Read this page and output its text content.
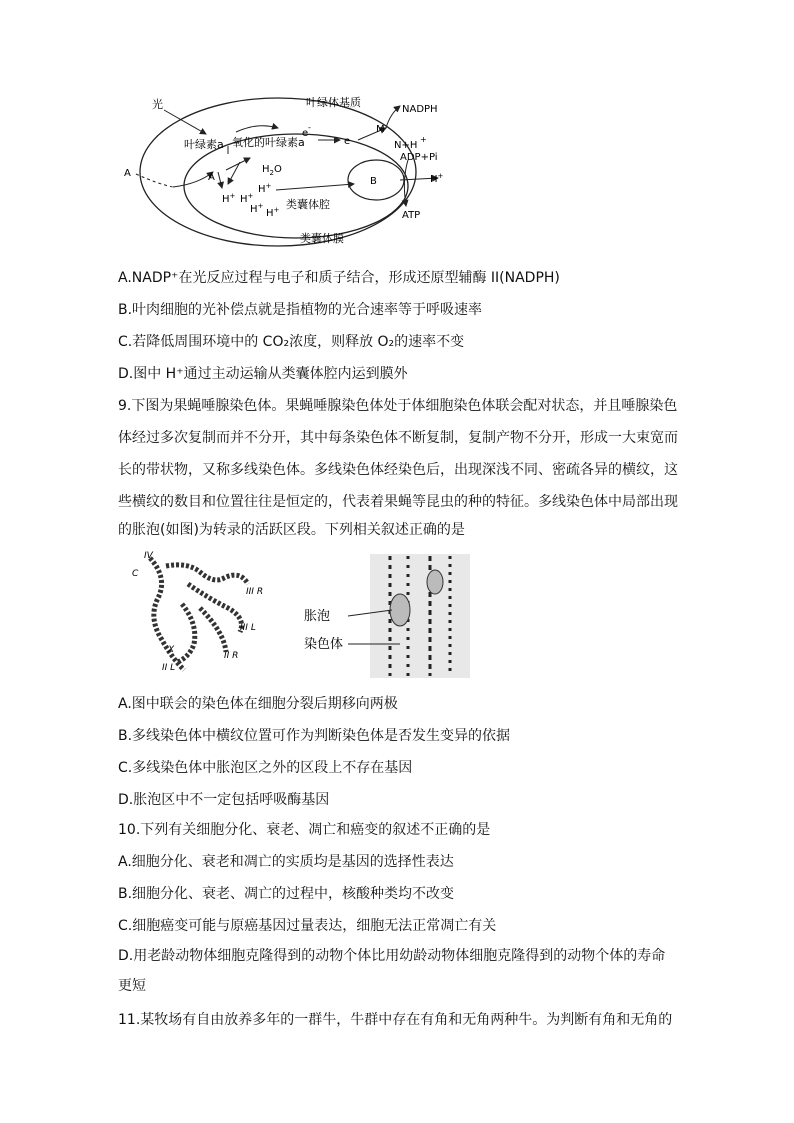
光	叶绿体基质
NADPH
M
e
-
叶绿素a 氧化的叶绿素a	e	N+H
+
ADP+Pi
A	A
$H_2O$
B	H+
H+ H+
H+
H+
H+ 类囊体腔
ATP
类囊体膜
A.NADP⁺在光反应过程与电子和质子结合，形成还原型辅酶 II(NADPH)
B.叶肉细胞的光补偿点就是指植物的光合速率等于呼吸速率
C.若降低周围环境中的 CO₂浓度，则释放 O₂的速率不变
D.图中 H⁺通过主动运输从类囊体腔内运到膜外
9.下图为果蝇唾腺染色体。果蝇唾腺染色体处于体细胞染色体联会配对状态，并且唾腺染色
体经过多次复制而并不分开，其中每条染色体不断复制，复制产物不分开，形成一大束宽而
长的带状物，又称多线染色体。多线染色体经染色后，出现深浅不同、密疏各异的横纹，这
些横纹的数目和位置往往是恒定的，代表着果蝇等昆虫的种的特征。多线染色体中局部出现
的胀泡(如图)为转录的活跃区段。下列相关叙述正确的是
IV
C
III R
III L
X
II R
II L
胀泡
染色体
A.图中联会的染色体在细胞分裂后期移向两极
B.多线染色体中横纹位置可作为判断染色体是否发生变异的依据
C.多线染色体中胀泡区之外的区段上不存在基因
D.胀泡区中不一定包括呼吸酶基因
10.下列有关细胞分化、衰老、凋亡和癌变的叙述不正确的是
A.细胞分化、衰老和凋亡的实质均是基因的选择性表达
B.细胞分化、衰老、凋亡的过程中，核酸种类均不改变
C.细胞癌变可能与原癌基因过量表达，细胞无法正常凋亡有关
D.用老龄动物体细胞克隆得到的动物个体比用幼龄动物体细胞克隆得到的动物个体的寿命
更短
11.某牧场有自由放养多年的一群牛，牛群中存在有角和无角两种牛。为判断有角和无角的
